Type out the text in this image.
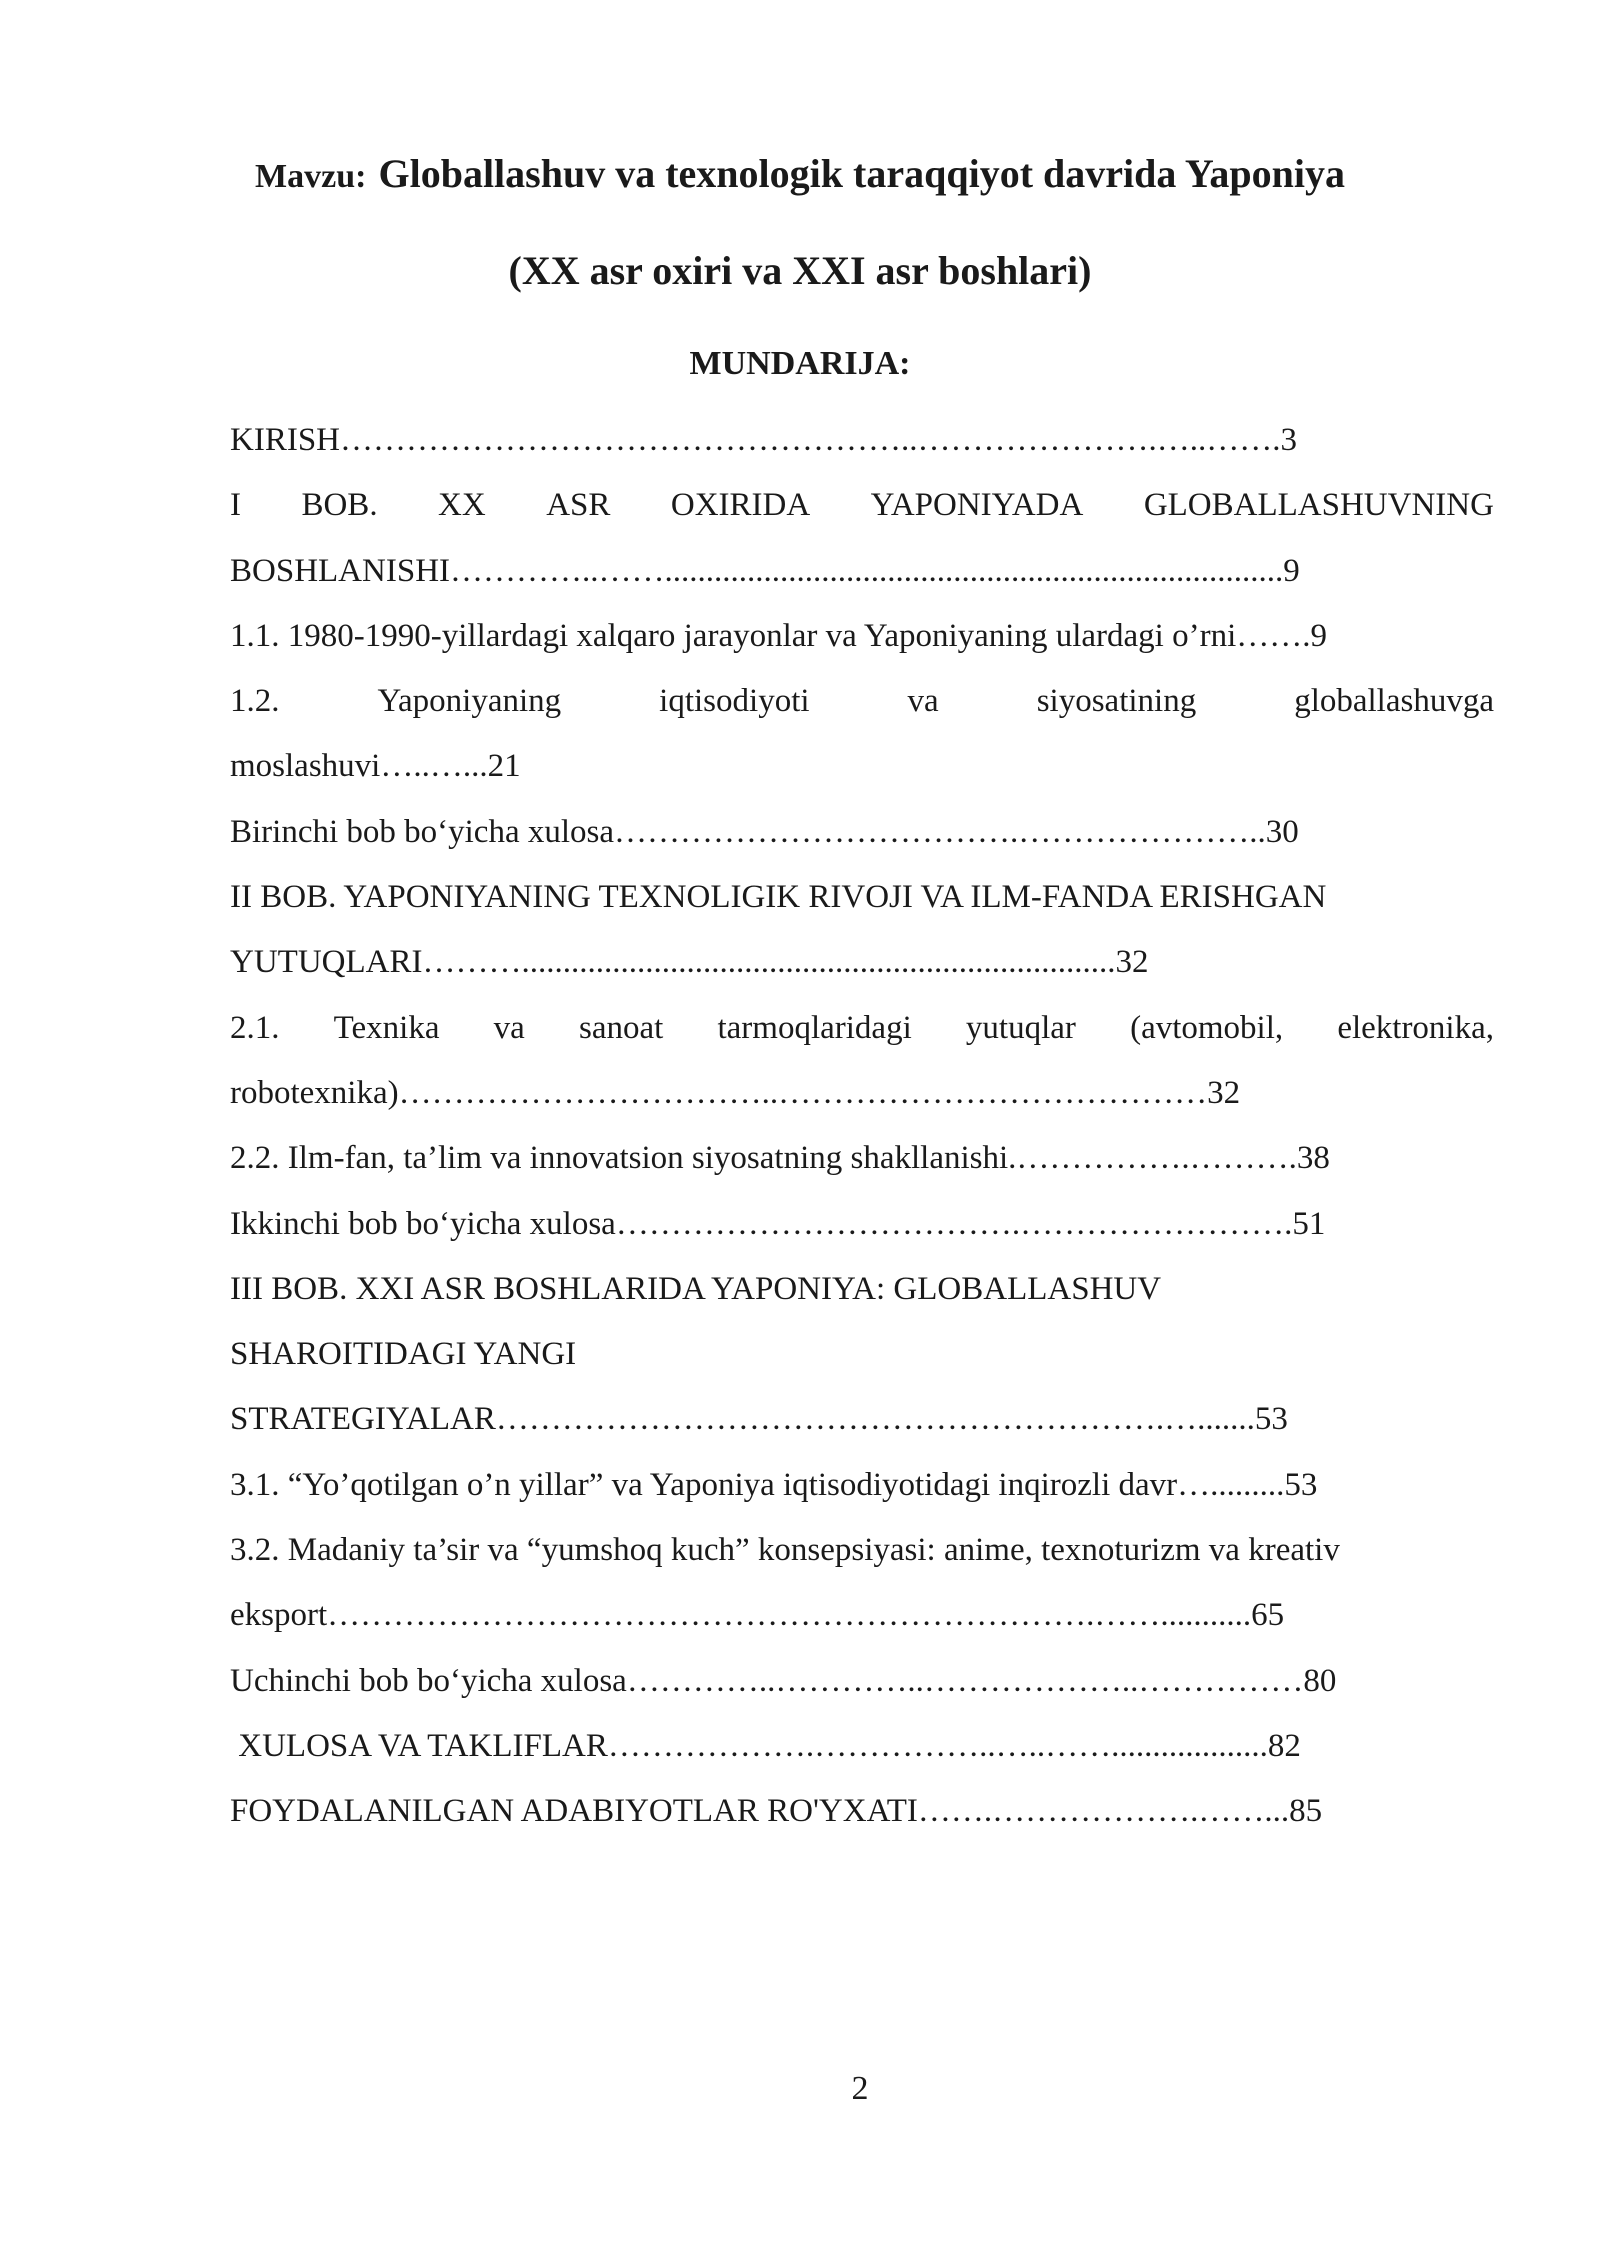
Mavzu: Globallashuv va texnologik taraqqiyot davrida Yaponiya
(XX asr oxiri va XXI asr boshlari)
MUNDARIJA:
KIRISH……………………………………………..………………….…..…….3
I BOB. XX ASR OXIRIDA YAPONIYADA GLOBALLASHUVNING
BOSHLANISHI…………..……...........................................................................9
1.1. 1980-1990-yillardagi xalqaro jarayonlar va Yaponiyaning ulardagi o’rni…….9
1.2.	Yaponiyaning	iqtisodiyoti	va	siyosatining	globallashuvga
moslashuvi…..…...21
Birinchi bob bo‘yicha xulosa……………………………….…………………..30
II BOB. YAPONIYANING TEXNOLIGIK RIVOJI VA ILM-FANDA ERISHGAN
YUTUQLARI………........................................................................32
2.1. Texnika va sanoat tarmoqlaridagi yutuqlar (avtomobil, elektronika,
robotexnika)……………………………..…………………………………32
2.2. Ilm-fan, ta’lim va innovatsion siyosatning shakllanishi.…………….……….38
Ikkinchi bob bo‘yicha xulosa……………………………….…………………….51
III BOB. XXI ASR BOSHLARIDA YAPONIYA: GLOBALLASHUV
SHAROITIDAGI YANGI
STRATEGIYALAR…………………………………………………….….......53
3.1. “Yo’qotilgan o’n yillar” va Yaponiya iqtisodiyotidagi inqirozli davr….........53
3.2. Madaniy ta’sir va “yumshoq kuch” konsepsiyasi: anime, texnoturizm va kreativ
eksport…………………………………………………………….……...........65
Uchinchi bob bo‘yicha xulosa…………..…………..………………..……………80
XULOSA VA TAKLIFLAR……………….……………..…..……...................82
FOYDALANILGAN ADABIYOTLAR RO'YXATI…….……………….……...85
2
